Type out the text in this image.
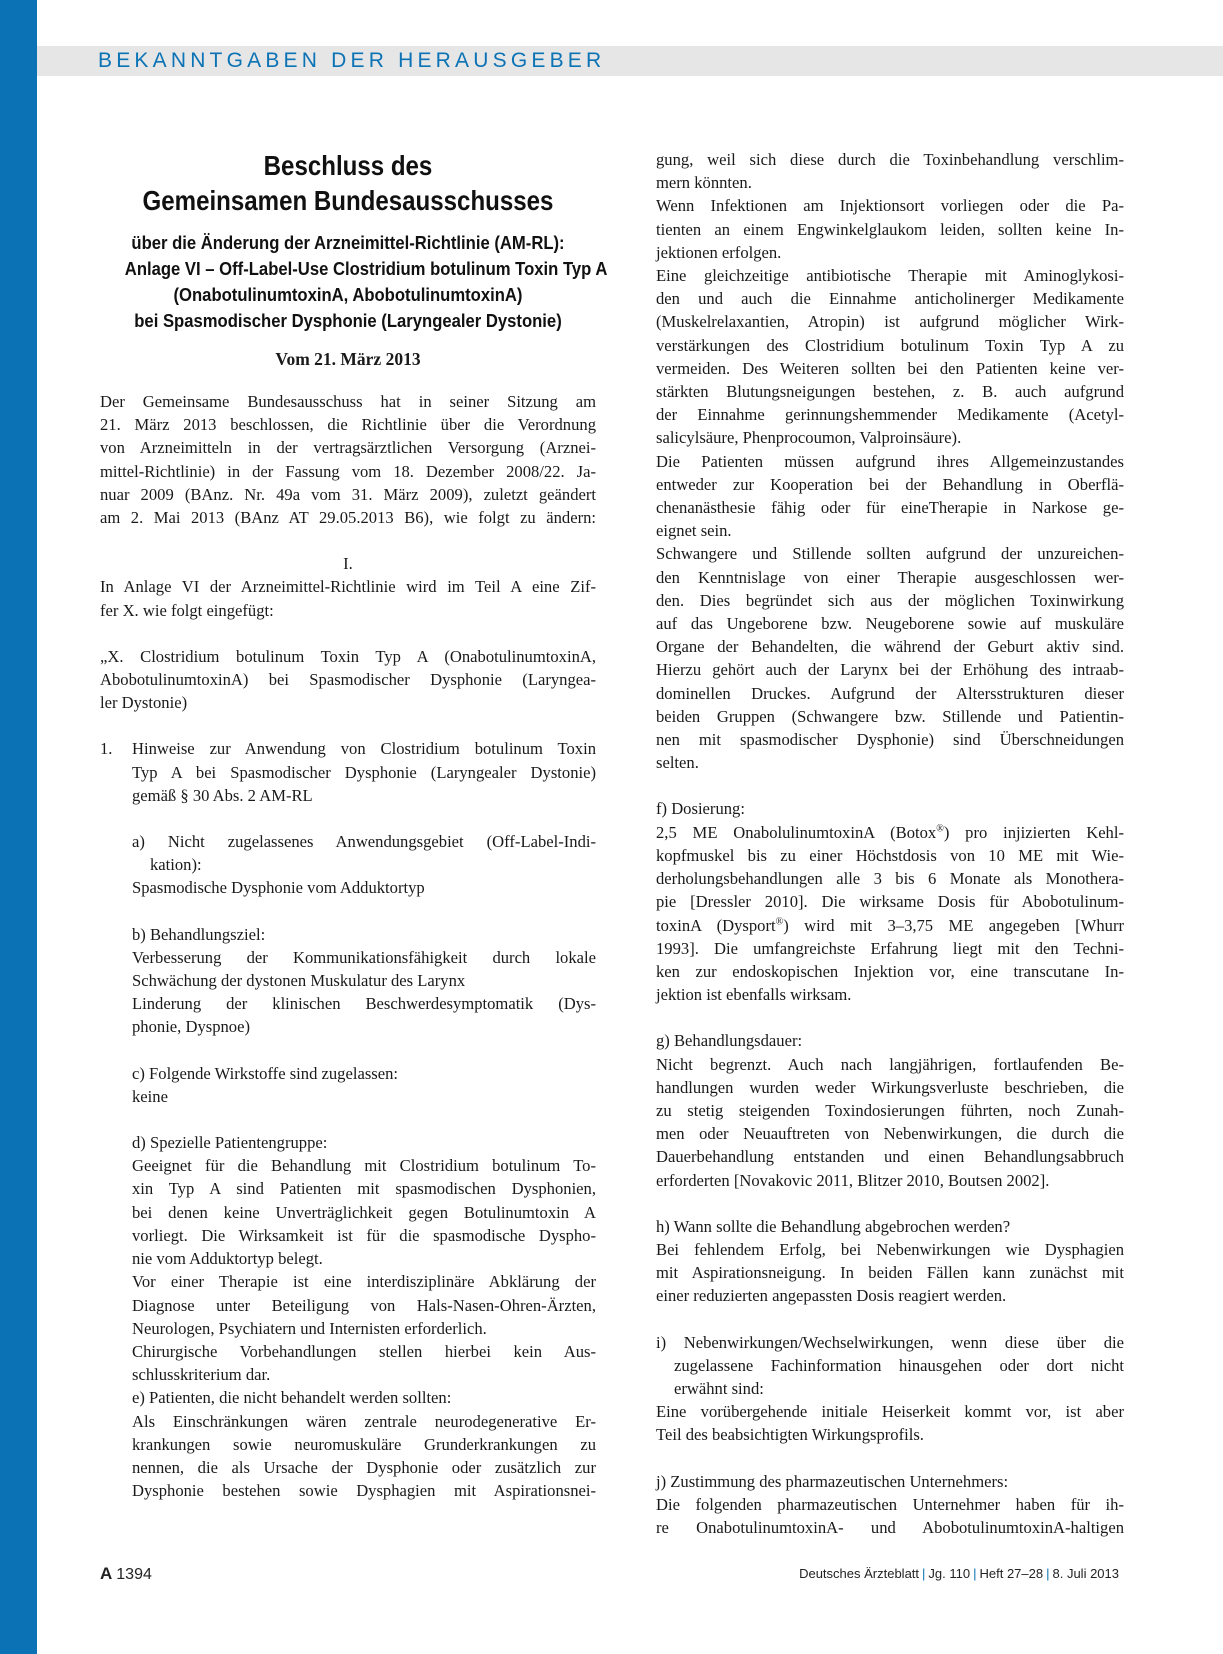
BEKANNTGABEN DER HERAUSGEBER
Beschluss des
Gemeinsamen Bundesausschusses
über die Änderung der Arzneimittel-Richtlinie (AM-RL):
Anlage VI – Off-Label-Use Clostridium botulinum Toxin Typ A
(OnabotulinumtoxinA, AbobotulinumtoxinA)
bei Spasmodischer Dysphonie (Laryngealer Dystonie)
Vom 21. März 2013
Der Gemeinsame Bundesausschuss hat in seiner Sitzung am
21. März 2013 beschlossen, die Richtlinie über die Verordnung
von Arzneimitteln in der vertragsärztlichen Versorgung (Arznei-
mittel-Richtlinie) in der Fassung vom 18. Dezember 2008/22. Ja-
nuar 2009 (BAnz. Nr. 49a vom 31. März 2009), zuletzt geändert
am 2. Mai 2013 (BAnz AT 29.05.2013 B6), wie folgt zu ändern:
I.
In Anlage VI der Arzneimittel-Richtlinie wird im Teil A eine Zif-
fer X. wie folgt eingefügt:
„X. Clostridium botulinum Toxin Typ A (OnabotulinumtoxinA,
AbobotulinumtoxinA) bei Spasmodischer Dysphonie (Laryngea-
ler Dystonie)
1. Hinweise zur Anwendung von Clostridium botulinum Toxin
Typ A bei Spasmodischer Dysphonie (Laryngealer Dystonie)
gemäß § 30 Abs. 2 AM-RL
a) Nicht zugelassenes Anwendungsgebiet (Off-Label-Indi-
kation):
Spasmodische Dysphonie vom Adduktortyp
b) Behandlungsziel:
Verbesserung der Kommunikationsfähigkeit durch lokale
Schwächung der dystonen Muskulatur des Larynx
Linderung der klinischen Beschwerdesymptomatik (Dys-
phonie, Dyspnoe)
c) Folgende Wirkstoffe sind zugelassen:
keine
d) Spezielle Patientengruppe:
Geeignet für die Behandlung mit Clostridium botulinum To-
xin Typ A sind Patienten mit spasmodischen Dysphonien,
bei denen keine Unverträglichkeit gegen Botulinumtoxin A
vorliegt. Die Wirksamkeit ist für die spasmodische Dyspho-
nie vom Adduktortyp belegt.
Vor einer Therapie ist eine interdisziplinäre Abklärung der
Diagnose unter Beteiligung von Hals-Nasen-Ohren-Ärzten,
Neurologen, Psychiatern und Internisten erforderlich.
Chirurgische Vorbehandlungen stellen hierbei kein Aus-
schlusskriterium dar.
e) Patienten, die nicht behandelt werden sollten:
Als Einschränkungen wären zentrale neurodegenerative Er-
krankungen sowie neuromuskuläre Grunderkrankungen zu
nennen, die als Ursache der Dysphonie oder zusätzlich zur
Dysphonie bestehen sowie Dysphagien mit Aspirationsnei-
gung, weil sich diese durch die Toxinbehandlung verschlim-
mern könnten.
Wenn Infektionen am Injektionsort vorliegen oder die Pa-
tienten an einem Engwinkelglaukom leiden, sollten keine In-
jektionen erfolgen.
Eine gleichzeitige antibiotische Therapie mit Aminoglykosi-
den und auch die Einnahme anticholinerger Medikamente
(Muskelrelaxantien, Atropin) ist aufgrund möglicher Wirk-
verstärkungen des Clostridium botulinum Toxin Typ A zu
vermeiden. Des Weiteren sollten bei den Patienten keine ver-
stärkten Blutungsneigungen bestehen, z. B. auch aufgrund
der Einnahme gerinnungshemmender Medikamente (Acetyl-
salicylsäure, Phenprocoumon, Valproinsäure).
Die Patienten müssen aufgrund ihres Allgemeinzustandes
entweder zur Kooperation bei der Behandlung in Oberflä-
chenanästhesie fähig oder für eineTherapie in Narkose ge-
eignet sein.
Schwangere und Stillende sollten aufgrund der unzureichen-
den Kenntnislage von einer Therapie ausgeschlossen wer-
den. Dies begründet sich aus der möglichen Toxinwirkung
auf das Ungeborene bzw. Neugeborene sowie auf muskuläre
Organe der Behandelten, die während der Geburt aktiv sind.
Hierzu gehört auch der Larynx bei der Erhöhung des intraab-
dominellen Druckes. Aufgrund der Altersstrukturen dieser
beiden Gruppen (Schwangere bzw. Stillende und Patientin-
nen mit spasmodischer Dysphonie) sind Überschneidungen
selten.
f) Dosierung:
2,5 ME OnabolulinumtoxinA (Botox®) pro injizierten Kehl-
kopfmuskel bis zu einer Höchstdosis von 10 ME mit Wie-
derholungsbehandlungen alle 3 bis 6 Monate als Monothera-
pie [Dressler 2010]. Die wirksame Dosis für Abobotulinum-
toxinA (Dysport®) wird mit 3–3,75 ME angegeben [Whurr
1993]. Die umfangreichste Erfahrung liegt mit den Techni-
ken zur endoskopischen Injektion vor, eine transcutane In-
jektion ist ebenfalls wirksam.
g) Behandlungsdauer:
Nicht begrenzt. Auch nach langjährigen, fortlaufenden Be-
handlungen wurden weder Wirkungsverluste beschrieben, die
zu stetig steigenden Toxindosierungen führten, noch Zunah-
men oder Neuauftreten von Nebenwirkungen, die durch die
Dauerbehandlung entstanden und einen Behandlungsabbruch
erforderten [Novakovic 2011, Blitzer 2010, Boutsen 2002].
h) Wann sollte die Behandlung abgebrochen werden?
Bei fehlendem Erfolg, bei Nebenwirkungen wie Dysphagien
mit Aspirationsneigung. In beiden Fällen kann zunächst mit
einer reduzierten angepassten Dosis reagiert werden.
i) Nebenwirkungen/Wechselwirkungen, wenn diese über die
zugelassene Fachinformation hinausgehen oder dort nicht
erwähnt sind:
Eine vorübergehende initiale Heiserkeit kommt vor, ist aber
Teil des beabsichtigten Wirkungsprofils.
j) Zustimmung des pharmazeutischen Unternehmers:
Die folgenden pharmazeutischen Unternehmer haben für ih-
re OnabotulinumtoxinA- und AbobotulinumtoxinA-haltigen
A 1394	Deutsches Ärzteblatt | Jg. 110 | Heft 27–28 | 8. Juli 2013
